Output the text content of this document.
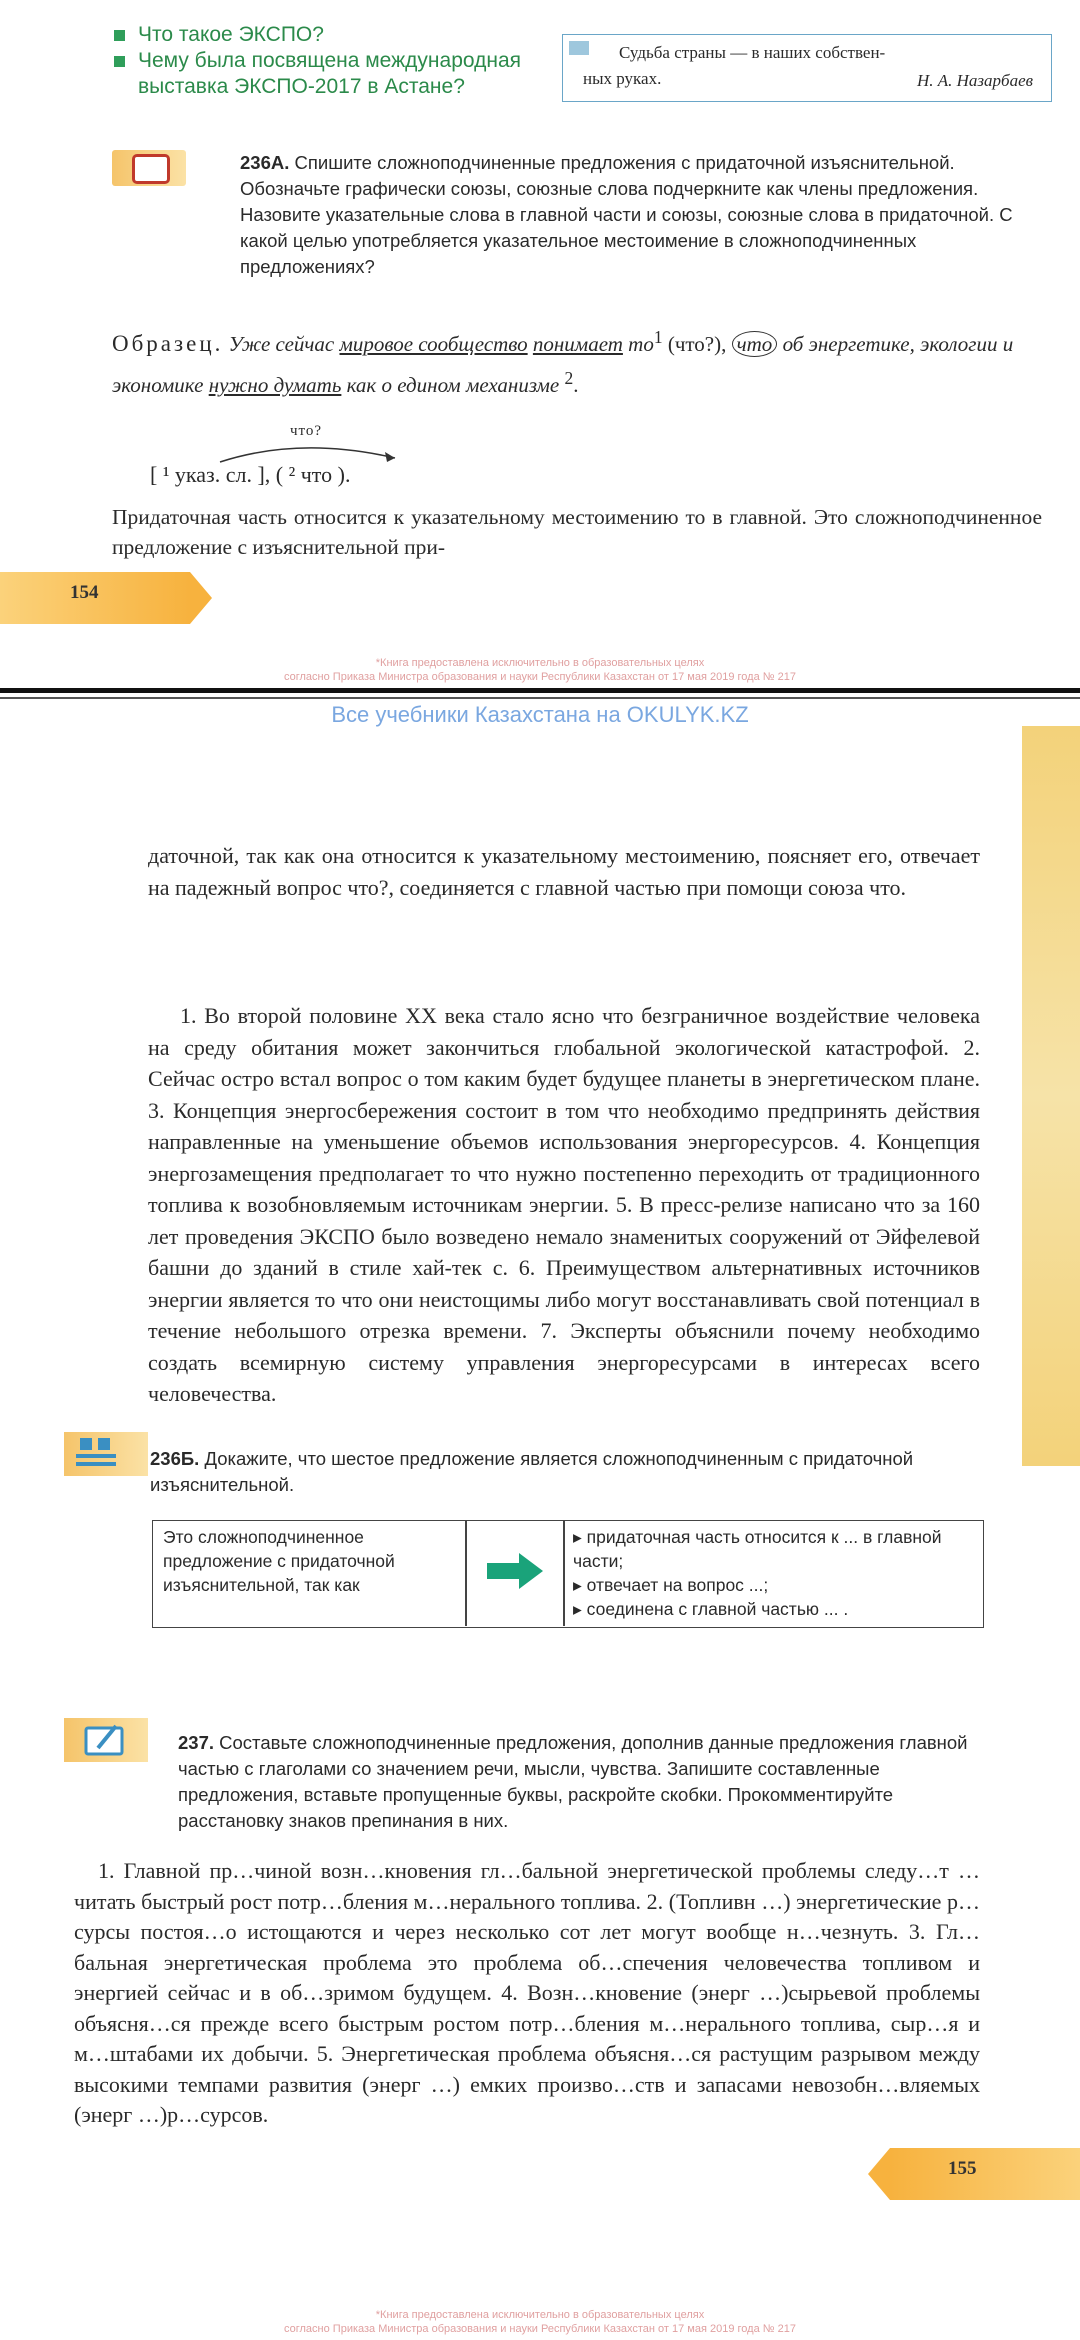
Что такое ЭКСПО?
Чему была посвящена международная выставка ЭКСПО-2017 в Астане?
Судьба страны — в наших собствен-
ных руках.	Н. А. Назарбаев
236А. Спишите сложноподчиненные предложения с придаточной изъяснительной. Обозначьте графически союзы, союзные слова подчеркните как члены предложения. Назовите указательные слова в главной части и союзы, союзные слова в придаточной. С какой целью употребляется указательное местоимение в сложноподчиненных предложениях?
Образец. Уже сейчас мировое сообщество понимает $то^1$ (что?), что об энергетике, экологии и экономике нужно думать как о едином механизме $^2$.
что?
[ ¹ указ. сл. ], ( ² что ).
Придаточная часть относится к указательному местоимению то в главной. Это сложноподчиненное предложение с изъяснительной при-
154
*Книга предоставлена исключительно в образовательных целях
согласно Приказа Министра образования и науки Республики Казахстан от 17 мая 2019 года № 217
Все учебники Казахстана на OKULYK.KZ
даточной, так как она относится к указательному местоимению, поясняет его, отвечает на падежный вопрос что?, соединяется с главной частью при помощи союза что.
1. Во второй половине XX века стало ясно что безграничное воздействие человека на среду обитания может закончиться глобальной экологической катастрофой. 2. Сейчас остро встал вопрос о том каким будет будущее планеты в энергетическом плане. 3. Концепция энергосбережения состоит в том что необходимо предпринять действия направленные на уменьшение объемов использования энергоресурсов. 4. Концепция энергозамещения предполагает то что нужно постепенно переходить от традиционного топлива к возобновляемым источникам энергии. 5. В пресс-релизе написано что за 160 лет проведения ЭКСПО было возведено немало знаменитых сооружений от Эйфелевой башни до зданий в стиле хай-тек с. 6. Преимуществом альтернативных источников энергии является то что они неистощимы либо могут восстанавливать свой потенциал в течение небольшого отрезка времени. 7. Эксперты объяснили почему необходимо создать всемирную систему управления энергоресурсами в интересах всего человечества.
236Б. Докажите, что шестое предложение является сложноподчиненным с придаточной изъяснительной.
Это сложноподчиненное предложение с придаточной изъяснительной, так как
▸ придаточная часть относится к ... в главной части;
▸ отвечает на вопрос ...;
▸ соединена с главной частью ... .
237. Составьте сложноподчиненные предложения, дополнив данные предложения главной частью с глаголами со значением речи, мысли, чувства. Запишите составленные предложения, вставьте пропущенные буквы, раскройте скобки. Прокомментируйте расстановку знаков препинания в них.
1. Главной пр…чиной возн…кновения гл…бальной энергетической проблемы следу…т …читать быстрый рост потр…бления м…нерального топлива. 2. (Топливн …) энергетические р…сурсы постоя…о истощаются и через несколько сот лет могут вообще н…чезнуть. 3. Гл…бальная энергетическая проблема это проблема об…спечения человечества топливом и энергией сейчас и в об…зримом будущем. 4. Возн…кновение (энерг …)сырьевой проблемы объясня…ся прежде всего быстрым ростом потр…бления м…нерального топлива, сыр…я и м…штабами их добычи. 5. Энергетическая проблема объясня…ся растущим разрывом между высокими темпами развития (энерг …) емких произво…ств и запасами невозобн…вляемых (энерг …)р…сурсов.
155
*Книга предоставлена исключительно в образовательных целях
согласно Приказа Министра образования и науки Республики Казахстан от 17 мая 2019 года № 217
